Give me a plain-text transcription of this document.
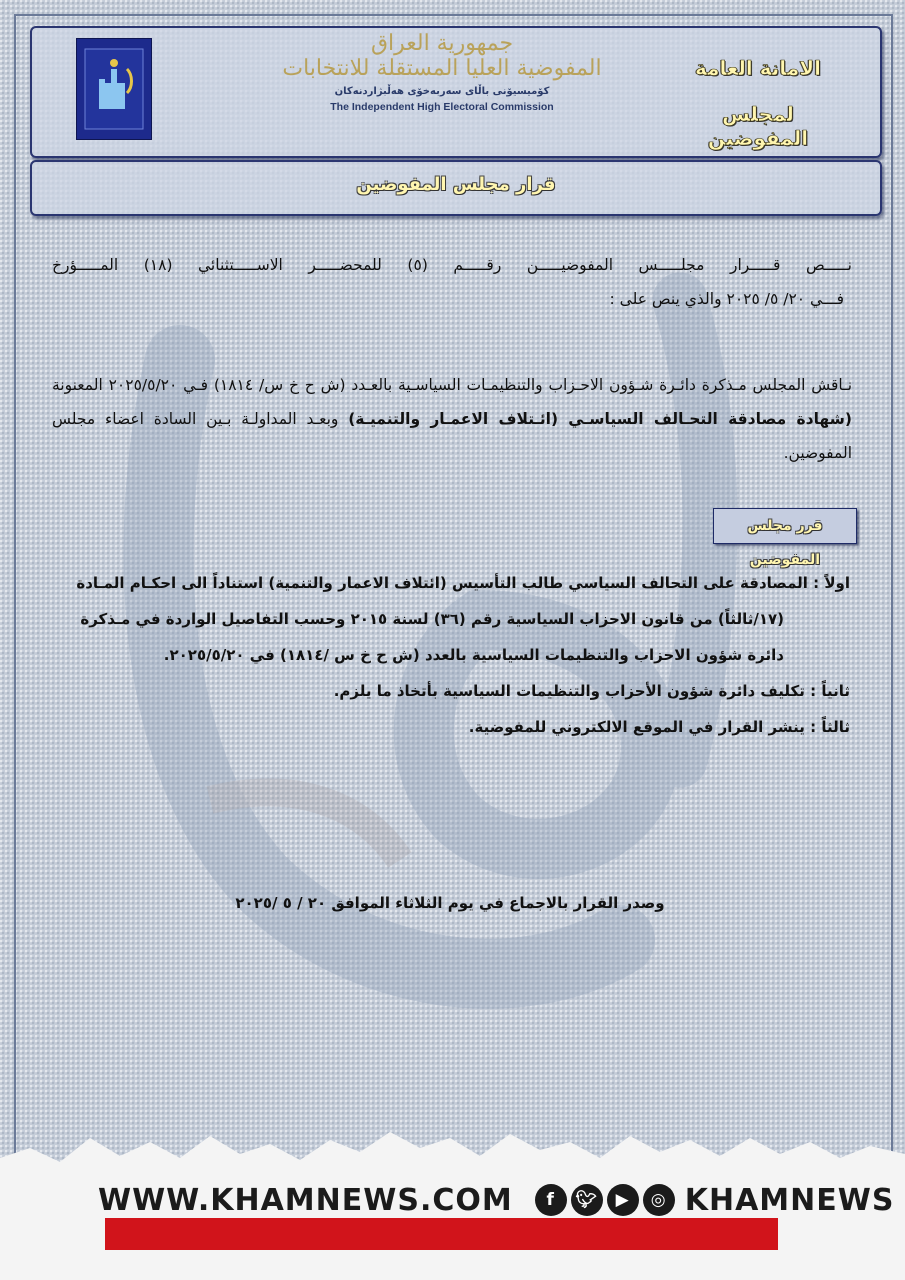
جمهورية العراق
المفوضية العليا المستقلة للانتخابات
كۆمیسیۆنی باڵای سەربەخۆی هەڵبژاردنەکان
The Independent High Electoral Commission
الامانة العامة
لمجلس المفوضين
قرار مجلس المفوضين
نـــــص قـــــرار مجلـــــس المفوضيـــــن رقـــــم (٥) للمحضـــــر الاســـــتثنائي (١٨) المـــــؤرخ
فـــي ٢٠/ ٥/ ٢٠٢٥ والذي ينص على :
نـاقش المجلس مـذكرة دائـرة شـؤون الاحـزاب والتنظيمـات السياسـية بالعـدد (ش ح خ س/ ١٨١٤) فـي ٢٠٢٥/٥/٢٠ المعنونة (شهادة مصادقة التحـالف السياسـي (ائـتلاف الاعمـار والتنميـة) وبعـد المداولـة بـين السادة اعضاء مجلس المفوضين.
قرر مجلس المفوضين
اولاً : المصادقة على التحالف السياسي طالب التأسيس (ائتلاف الاعمار والتنمية) استناداً الى احكـام المـادة
(١٧/ثالثاً) من قانون الاحزاب السياسية رقم (٣٦) لسنة ٢٠١٥ وحسب التفاصيل الواردة في مـذكرة
دائرة شؤون الاحزاب والتنظيمات السياسية بالعدد (ش ح خ س /١٨١٤) في ٢٠٢٥/٥/٢٠.
ثانياً : تكليف دائرة شؤون الأحزاب والتنظيمات السياسية بأتخاذ ما يلزم.
ثالثاً : ينشر القرار في الموقع الالكتروني للمفوضية.
وصدر القرار بالاجماع في يوم الثلاثاء الموافق ٢٠ / ٥ /٢٠٢٥
WWW.KHAMNEWS.COM	f	🐦︎	▶	◎ KHAMNEWS
